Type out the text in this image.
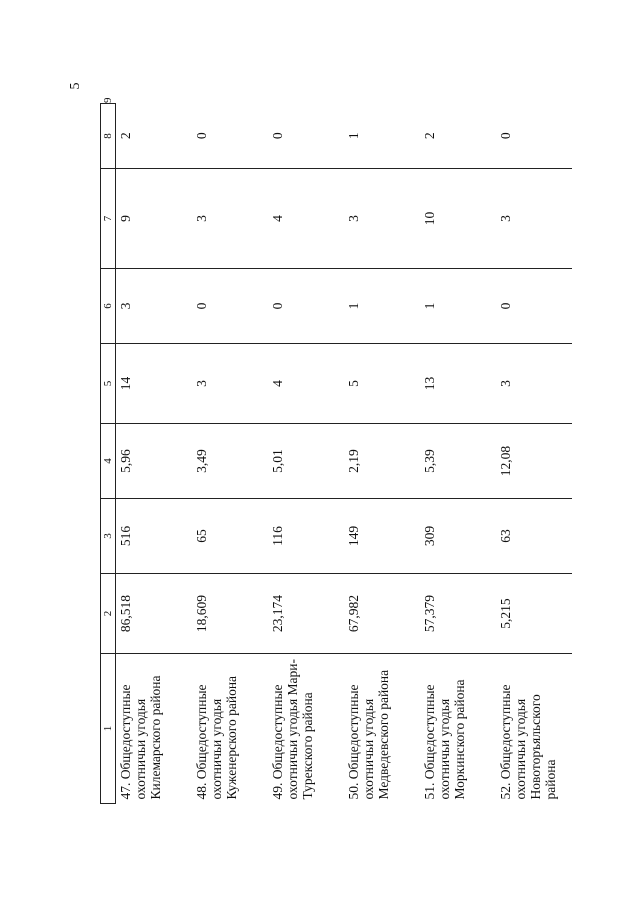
5
1	2	3	4	5	6	7	8	9
47. Общедоступные охотничьи угодья Килемарского района	86,518	516	5,96	14	3	9	2	
48. Общедоступные охотничьи угодья Куженерского района	18,609	65	3,49	3	0	3	0	
49. Общедоступные охотничьи угодья Мари-Турекского района	23,174	116	5,01	4	0	4	0	
50. Общедоступные охотничьи угодья Медведевского района	67,982	149	2,19	5	1	3	1	
51. Общедоступные охотничьи угодья Моркинского района	57,379	309	5,39	13	1	10	2	
52. Общедоступные охотничьи угодья Новоторъяльского района	5,215	63	12,08	3	0	3	0	
